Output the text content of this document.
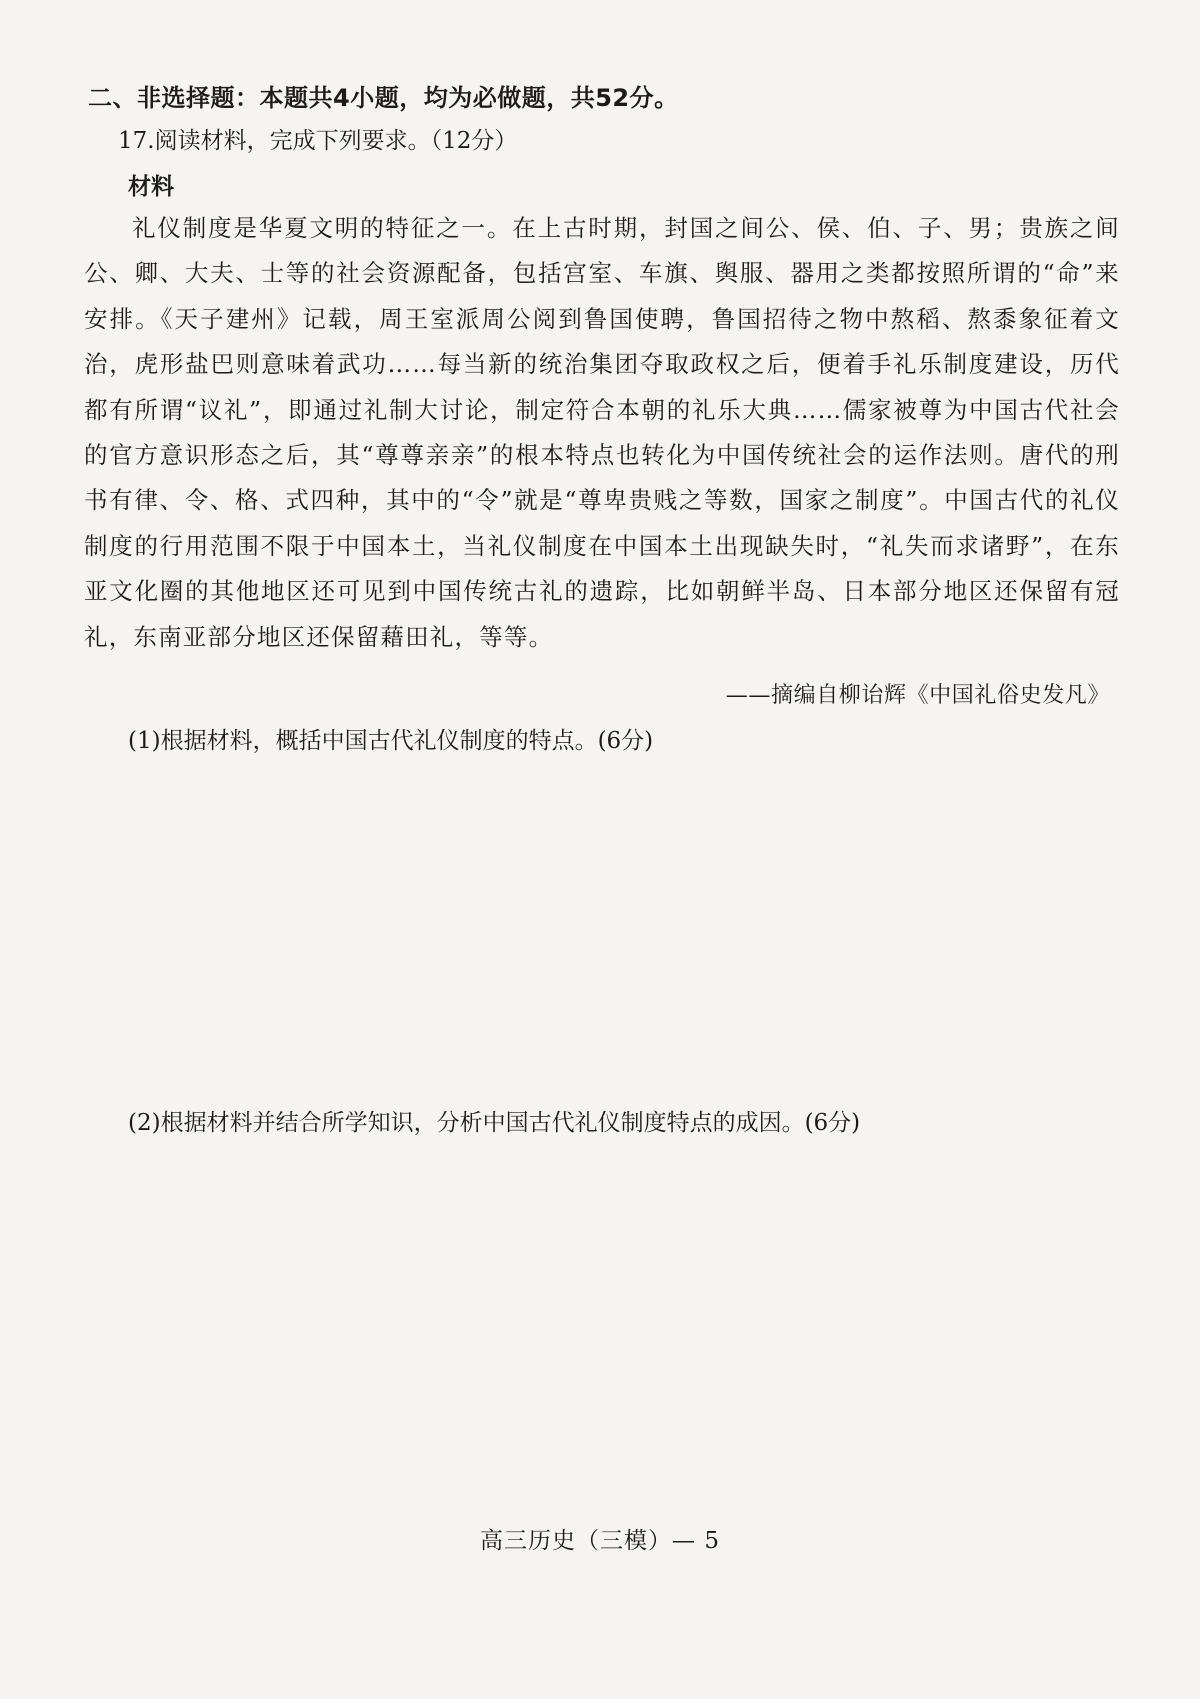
二、非选择题：本题共4小题，均为必做题，共52分。
17.阅读材料，完成下列要求。（12分）
材料
礼仪制度是华夏文明的特征之一。在上古时期，封国之间公、侯、伯、子、男；贵族之间公、卿、大夫、士等的社会资源配备，包括宫室、车旗、舆服、器用之类都按照所谓的“命”来安排。《天子建州》记载，周王室派周公阅到鲁国使聘，鲁国招待之物中熬稻、熬黍象征着文治，虎形盐巴则意味着武功……每当新的统治集团夺取政权之后，便着手礼乐制度建设，历代都有所谓“议礼”，即通过礼制大讨论，制定符合本朝的礼乐大典……儒家被尊为中国古代社会的官方意识形态之后，其“尊尊亲亲”的根本特点也转化为中国传统社会的运作法则。唐代的刑书有律、令、格、式四种，其中的“令”就是“尊卑贵贱之等数，国家之制度”。中国古代的礼仪制度的行用范围不限于中国本土，当礼仪制度在中国本土出现缺失时，“礼失而求诸野”，在东亚文化圈的其他地区还可见到中国传统古礼的遗踪，比如朝鲜半岛、日本部分地区还保留有冠礼，东南亚部分地区还保留藉田礼，等等。
——摘编自柳诒辉《中国礼俗史发凡》
(1)根据材料，概括中国古代礼仪制度的特点。(6分)
(2)根据材料并结合所学知识，分析中国古代礼仪制度特点的成因。(6分)
高三历史（三模）— 5
